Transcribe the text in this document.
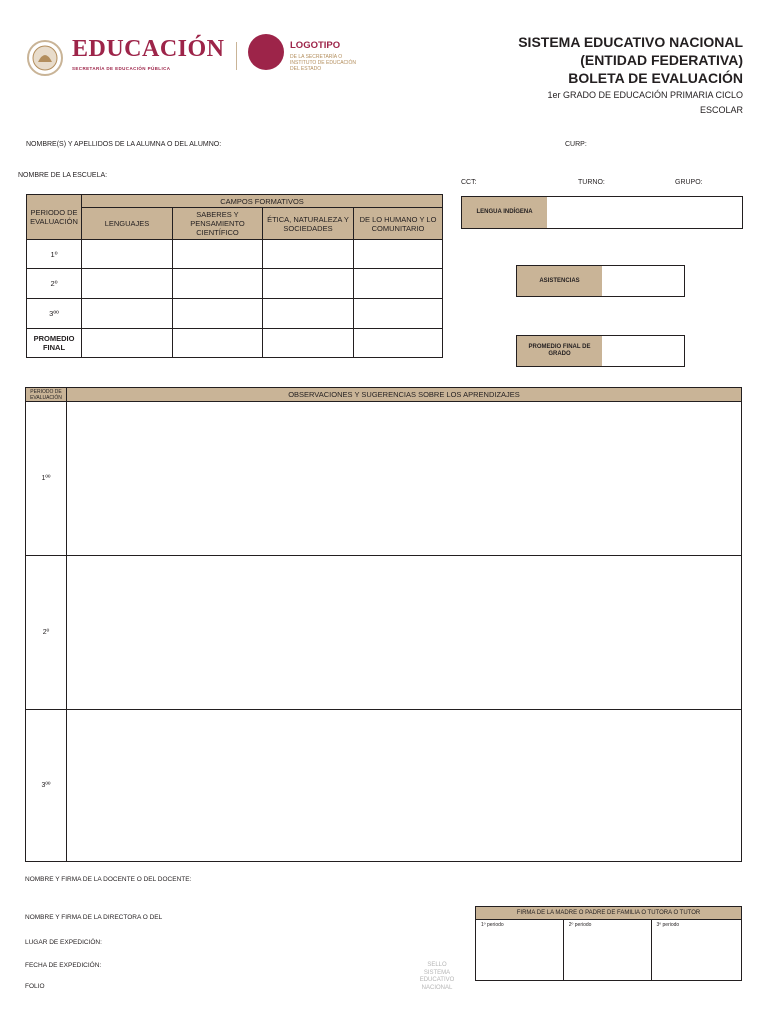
EDUCACIÓN
SECRETARÍA DE EDUCACIÓN PÚBLICA
LOGOTIPO
DE LA SECRETARÍA O
INSTITUTO DE EDUCACIÓN
DEL ESTADO
SISTEMA EDUCATIVO NACIONAL
(ENTIDAD FEDERATIVA)
BOLETA DE EVALUACIÓN
1er GRADO DE EDUCACIÓN PRIMARIA CICLO
ESCOLAR
NOMBRE(S) Y APELLIDOS DE LA ALUMNA O DEL ALUMNO:	CURP:
NOMBRE DE LA ESCUELA:
CCT:	TURNO:	GRUPO:
PERIODO DE EVALUACIÓN	CAMPOS FORMATIVOS			
	LENGUAJES	SABERES Y PENSAMIENTO CIENTÍFICO	ÉTICA, NATURALEZA Y SOCIEDADES	DE LO HUMANO Y LO COMUNITARIO
1º				
2º				
3ºº				
PROMEDIO FINAL				
LENGUA INDÍGENA
ASISTENCIAS
PROMEDIO FINAL DE GRADO
PERIODO DE EVALUACIÓN	OBSERVACIONES Y SUGERENCIAS SOBRE LOS APRENDIZAJES
1ºº	
2º	
3ºº	
NOMBRE Y FIRMA DE LA DOCENTE O DEL DOCENTE:
NOMBRE Y FIRMA DE LA DIRECTORA O DEL
LUGAR DE EXPEDICIÓN:
FECHA DE EXPEDICIÓN:
FOLIO
SELLO
SISTEMA
EDUCATIVO
NACIONAL
FIRMA DE LA MADRE O PADRE DE FAMILIA O TUTORA O TUTOR
1º periodo	2º periodo	3º periodo
